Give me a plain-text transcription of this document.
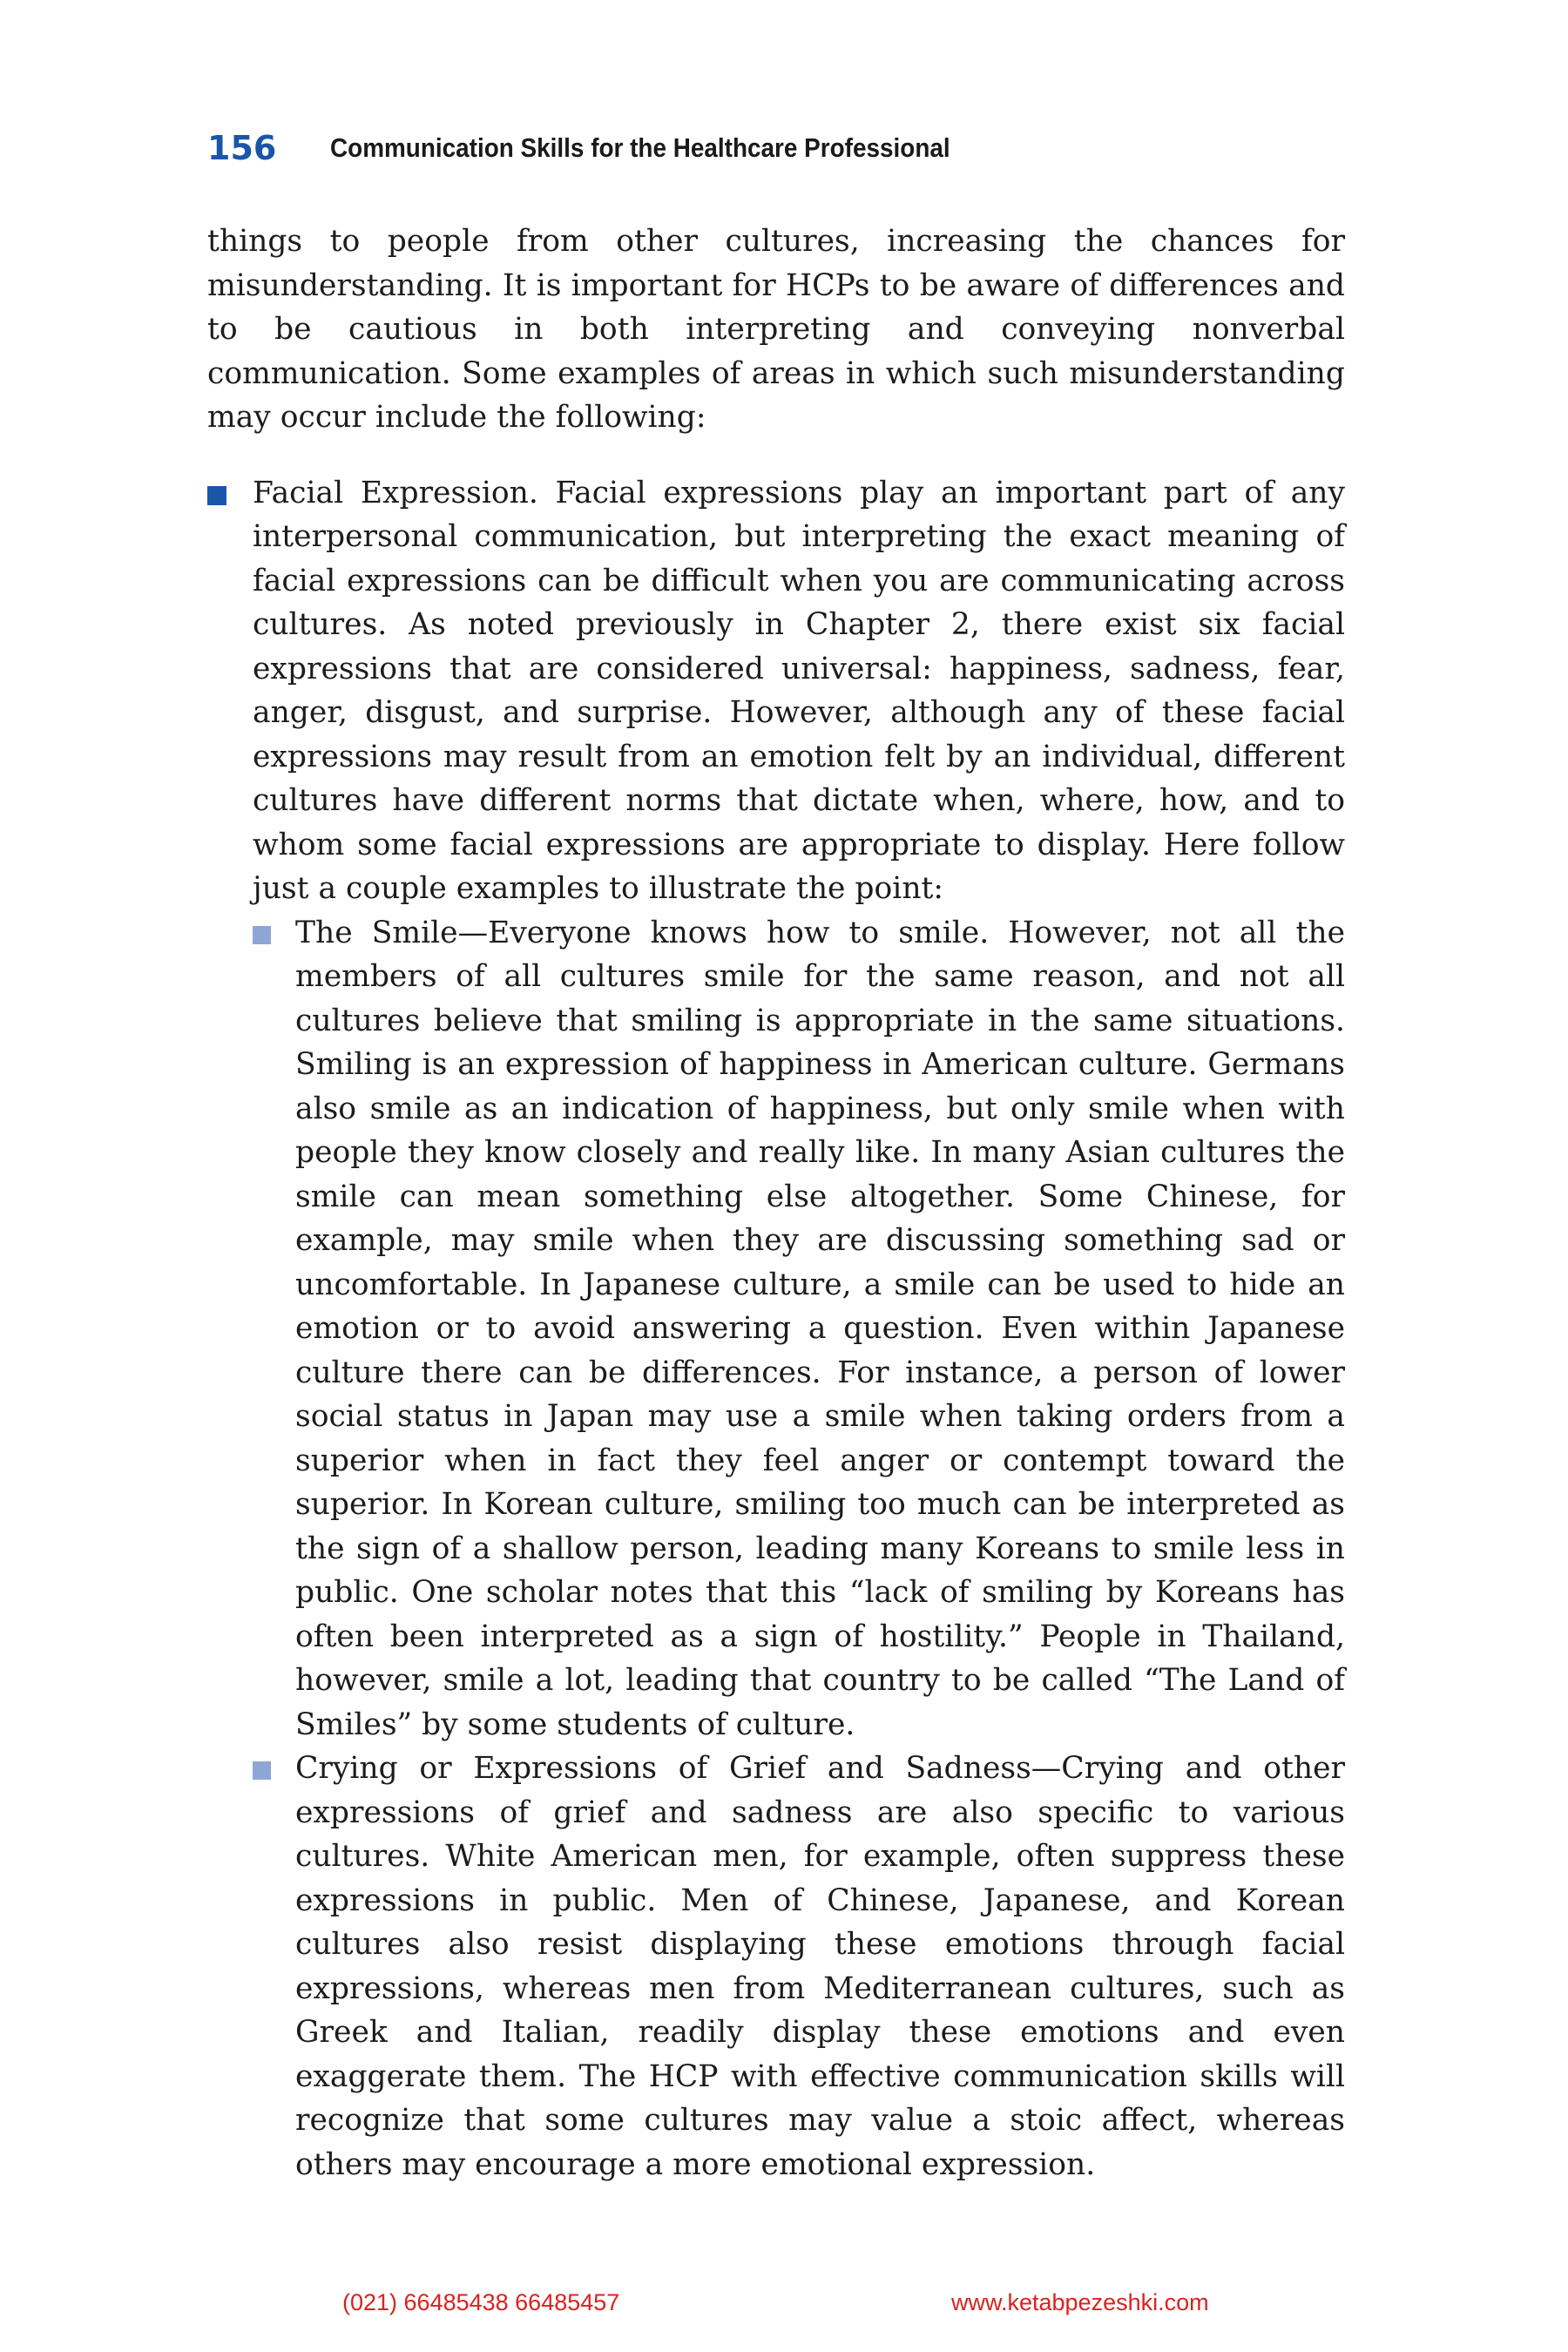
156 Communication Skills for the Healthcare Professional

things to people from other cultures, increasing the chances for misunderstanding. It is important for HCPs to be aware of differences and to be cautious in both interpreting and conveying nonverbal communication. Some examples of areas in which such misunderstanding may occur include the following:

Facial Expression. Facial expressions play an important part of any interpersonal communication, but interpreting the exact meaning of facial expressions can be difficult when you are communicating across cultures. As noted previously in Chapter 2, there exist six facial expressions that are considered universal: happiness, sadness, fear, anger, disgust, and surprise. However, although any of these facial expressions may result from an emotion felt by an individual, different cultures have different norms that dictate when, where, how, and to whom some facial expressions are appropriate to display. Here follow just a couple examples to illustrate the point:
The Smile—Everyone knows how to smile. However, not all the members of all cultures smile for the same reason, and not all cultures believe that smiling is appropriate in the same situations. Smiling is an expression of happiness in American culture. Germans also smile as an indication of happiness, but only smile when with people they know closely and really like. In many Asian cultures the smile can mean something else altogether. Some Chinese, for example, may smile when they are discussing something sad or uncomfortable. In Japanese culture, a smile can be used to hide an emotion or to avoid answering a question. Even within Japanese culture there can be differences. For instance, a person of lower social status in Japan may use a smile when taking orders from a superior when in fact they feel anger or contempt toward the superior. In Korean culture, smiling too much can be interpreted as the sign of a shallow person, leading many Koreans to smile less in public. One scholar notes that this “lack of smiling by Koreans has often been interpreted as a sign of hostility.” People in Thailand, however, smile a lot, leading that country to be called “The Land of Smiles” by some students of culture.
Crying or Expressions of Grief and Sadness—Crying and other expressions of grief and sadness are also specific to various cultures. White American men, for example, often suppress these expressions in public. Men of Chinese, Japanese, and Korean cultures also resist displaying these emotions through facial expressions, whereas men from Mediterranean cultures, such as Greek and Italian, readily display these emotions and even exaggerate them. The HCP with effective communication skills will recognize that some cultures may value a stoic affect, whereas others may encourage a more emotional expression.
(021) 66485438 66485457	www.ketabpezeshki.com
